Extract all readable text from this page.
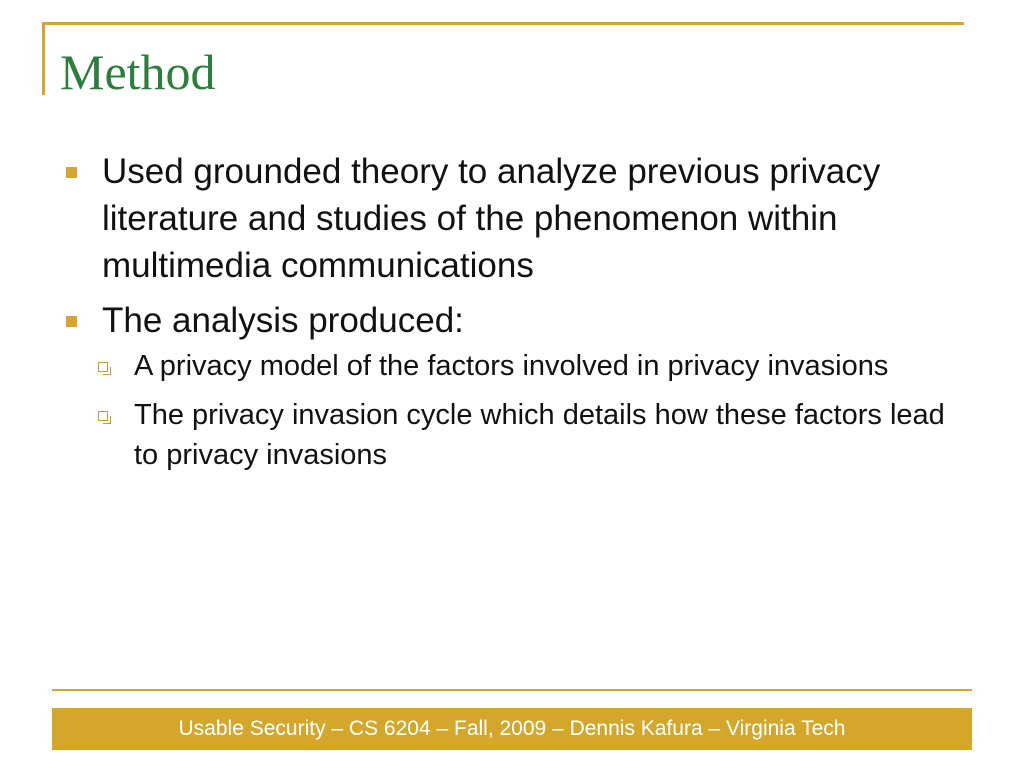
Method
Used grounded theory to analyze previous privacy literature and studies of the phenomenon within multimedia communications
The analysis produced:
A privacy model of the factors involved in privacy invasions
The privacy invasion cycle which details how these factors lead to privacy invasions
Usable Security – CS 6204 – Fall, 2009 – Dennis Kafura – Virginia Tech
